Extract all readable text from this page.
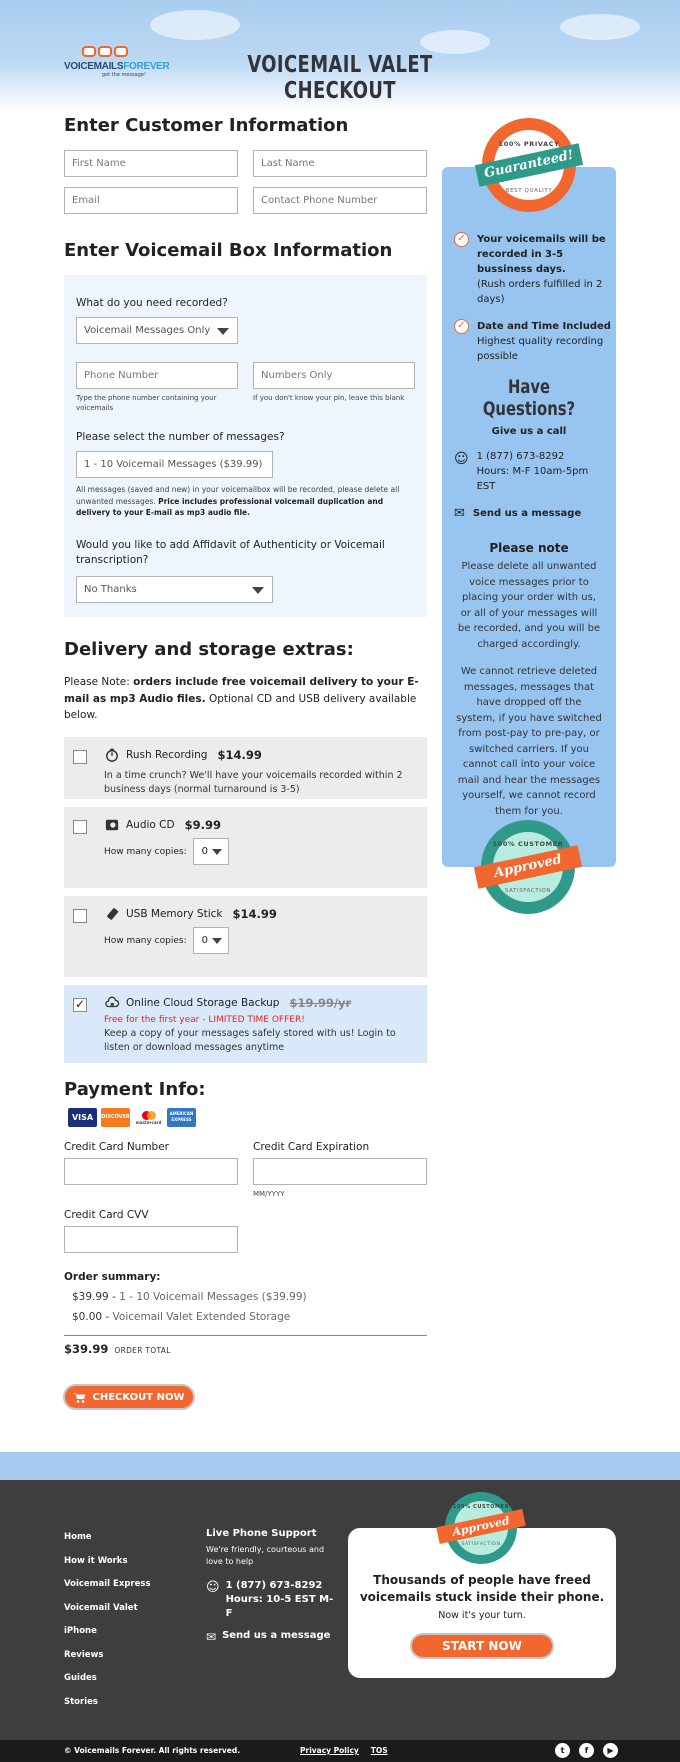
VOICEMAILSFOREVER
get the message!	VOICEMAIL VALET CHECKOUT
Enter Customer Information
First Name	Last Name
Email	Contact Phone Number
Enter Voicemail Box Information
What do you need recorded?
Voicemail Messages Only
Phone Number
Type the phone number containing your voicemails
Numbers Only
If you don't know your pin, leave this blank
Please select the number of messages?
1 - 10 Voicemail Messages ($39.99)
All messages (saved and new) in your voicemailbox will be recorded, please delete all unwanted messages. Price includes professional voicemail duplication and delivery to your E-mail as mp3 audio file.
Would you like to add Affidavit of Authenticity or Voicemail transcription?
No Thanks
Delivery and storage extras:
Please Note: orders include free voicemail delivery to your E-mail as mp3 Audio files. Optional CD and USB delivery available below.
Rush Recording $14.99
In a time crunch? We'll have your voicemails recorded within 2 business days (normal turnaround is 3-5)
Audio CD $9.99
How many copies:	0
USB Memory Stick $14.99
How many copies:	0
✓
Online Cloud Storage Backup $19.99/yr
Free for the first year - LIMITED TIME OFFER!
Keep a copy of your messages safely stored with us! Login to listen or download messages anytime
Payment Info:
VISA	DISCOVER
mastercard
AMERICAN EXPRESS
Credit Card Number	Credit Card Expiration
MM/YYYY
Credit Card CVV
Order summary:
$39.99 - 1 - 10 Voicemail Messages ($39.99)
$0.00 - Voicemail Valet Extended Storage
$39.99 ORDER TOTAL
CHECKOUT NOW
100% PRIVACY
Guaranteed!
BEST QUALITY
✓	Your voicemails will be recorded in 3-5 bussiness days.
(Rush orders fulfilled in 2 days)
✓	Date and Time Included
Highest quality recording possible
Have Questions?
Give us a call
☺ 1 (877) 673-8292
Hours: M-F 10am-5pm EST
✉ Send us a message
Please note
Please delete all unwanted voice messages prior to placing your order with us, or all of your messages will be recorded, and you will be charged accordingly.
We cannot retrieve deleted messages, messages that have dropped off the system, if you have switched from post-pay to pre-pay, or switched carriers. If you cannot call into your voice mail and hear the messages yourself, we cannot record them for you.
100% CUSTOMER
Approved
SATISFACTION
Home
How it Works
Voicemail Express
Voicemail Valet
iPhone
Reviews
Guides
Stories
Live Phone Support
We're friendly, courteous and love to help
☺ 1 (877) 673-8292
Hours: 10-5 EST M-F
✉ Send us a message
100% CUSTOMER
Approved
SATISFACTION
Thousands of people have freed voicemails stuck inside their phone.
Now it's your turn.
START NOW
© Voicemails Forever. All rights reserved.	Privacy Policy TOS	t	f	▶
